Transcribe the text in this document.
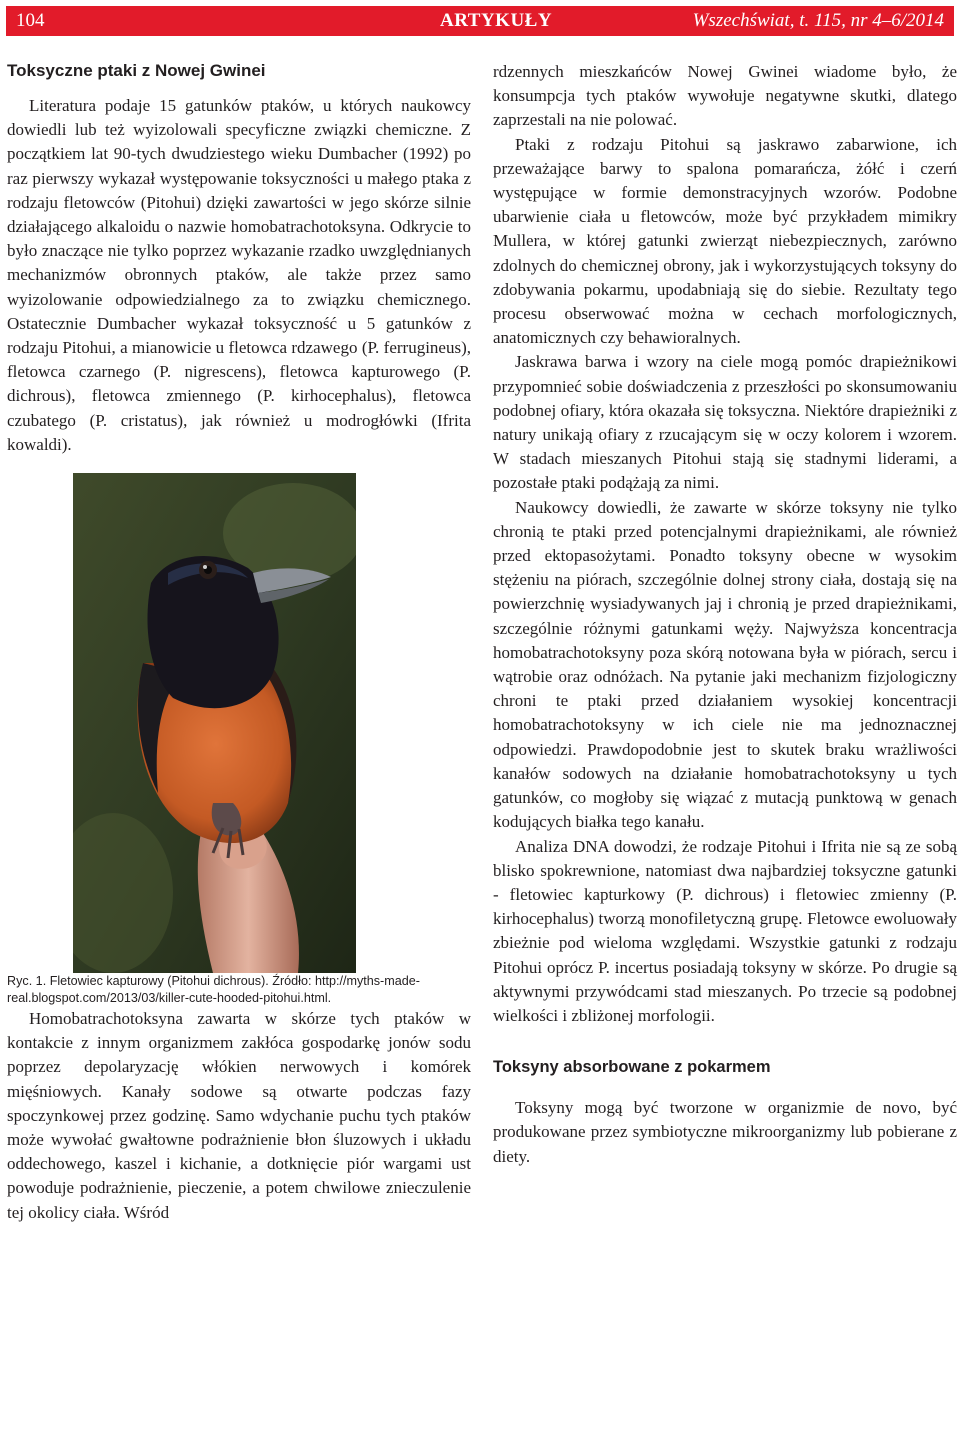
104	ARTYKUŁY	Wszechświat, t. 115, nr 4–6/2014
Toksyczne ptaki z Nowej Gwinei

Literatura podaje 15 gatunków ptaków, u których naukowcy dowiedli lub też wyizolowali specyficzne związki chemiczne. Z początkiem lat 90-tych dwudziestego wieku Dumbacher (1992) po raz pierwszy wykazał występowanie toksyczności u małego ptaka z rodzaju fletowców (Pitohui) dzięki zawartości w jego skórze silnie działającego alkaloidu o nazwie homobatrachotoksyna. Odkrycie to było znaczące nie tylko poprzez wykazanie rzadko uwzględnianych mechanizmów obronnych ptaków, ale także przez samo wyizolowanie odpowiedzialnego za to związku chemicznego. Ostatecznie Dumbacher wykazał toksyczność u 5 gatunków z rodzaju Pitohui, a mianowicie u fletowca rdzawego (P. ferrugineus), fletowca czarnego (P. nigrescens), fletowca kapturowego (P. dichrous), fletowca zmiennego (P. kirhocephalus), fletowca czubatego (P. cristatus), jak również u modrogłówki (Ifrita kowaldi).

Ryc. 1. Fletowiec kapturowy (Pitohui dichrous). Źródło: http://myths-made-real.blogspot.com/2013/03/killer-cute-hooded-pitohui.html.

Homobatrachotoksyna zawarta w skórze tych ptaków w kontakcie z innym organizmem zakłóca gospodarkę jonów sodu poprzez depolaryzację włókien nerwowych i komórek mięśniowych. Kanały sodowe są otwarte podczas fazy spoczynkowej przez godzinę. Samo wdychanie puchu tych ptaków może wywołać gwałtowne podrażnienie błon śluzowych i układu oddechowego, kaszel i kichanie, a dotknięcie piór wargami ust powoduje podrażnienie, pieczenie, a potem chwilowe znieczulenie tej okolicy ciała. Wśród

rdzennych mieszkańców Nowej Gwinei wiadome było, że konsumpcja tych ptaków wywołuje negatywne skutki, dlatego zaprzestali na nie polować.

Ptaki z rodzaju Pitohui są jaskrawo zabarwione, ich przeważające barwy to spalona pomarańcza, żółć i czerń występujące w formie demonstracyjnych wzorów. Podobne ubarwienie ciała u fletowców, może być przykładem mimikry Mullera, w której gatunki zwierząt niebezpiecznych, zarówno zdolnych do chemicznej obrony, jak i wykorzystujących toksyny do zdobywania pokarmu, upodabniają się do siebie. Rezultaty tego procesu obserwować można w cechach morfologicznych, anatomicznych czy behawioralnych.

Jaskrawa barwa i wzory na ciele mogą pomóc drapieżnikowi przypomnieć sobie doświadczenia z przeszłości po skonsumowaniu podobnej ofiary, która okazała się toksyczna. Niektóre drapieżniki z natury unikają ofiary z rzucającym się w oczy kolorem i wzorem. W stadach mieszanych Pitohui stają się stadnymi liderami, a pozostałe ptaki podążają za nimi.

Naukowcy dowiedli, że zawarte w skórze toksyny nie tylko chronią te ptaki przed potencjalnymi drapieżnikami, ale również przed ektopasożytami. Ponadto toksyny obecne w wysokim stężeniu na piórach, szczególnie dolnej strony ciała, dostają się na powierzchnię wysiadywanych jaj i chronią je przed drapieżnikami, szczególnie różnymi gatunkami węży. Najwyższa koncentracja homobatrachotoksyny poza skórą notowana była w piórach, sercu i wątrobie oraz odnóżach. Na pytanie jaki mechanizm fizjologiczny chroni te ptaki przed działaniem wysokiej koncentracji homobatrachotoksyny w ich ciele nie ma jednoznacznej odpowiedzi. Prawdopodobnie jest to skutek braku wrażliwości kanałów sodowych na działanie homobatrachotoksyny u tych gatunków, co mogłoby się wiązać z mutacją punktową w genach kodujących białka tego kanału.

Analiza DNA dowodzi, że rodzaje Pitohui i Ifrita nie są ze sobą blisko spokrewnione, natomiast dwa najbardziej toksyczne gatunki - fletowiec kapturkowy (P. dichrous) i fletowiec zmienny (P. kirhocephalus) tworzą monofiletyczną grupę. Fletowce ewoluowały zbieżnie pod wieloma względami. Wszystkie gatunki z rodzaju Pitohui oprócz P. incertus posiadają toksyny w skórze. Po drugie są aktywnymi przywódcami stad mieszanych. Po trzecie są podobnej wielkości i zbliżonej morfologii.

Toksyny absorbowane z pokarmem

Toksyny mogą być tworzone w organizmie de novo, być produkowane przez symbiotyczne mikroorganizmy lub pobierane z diety.
